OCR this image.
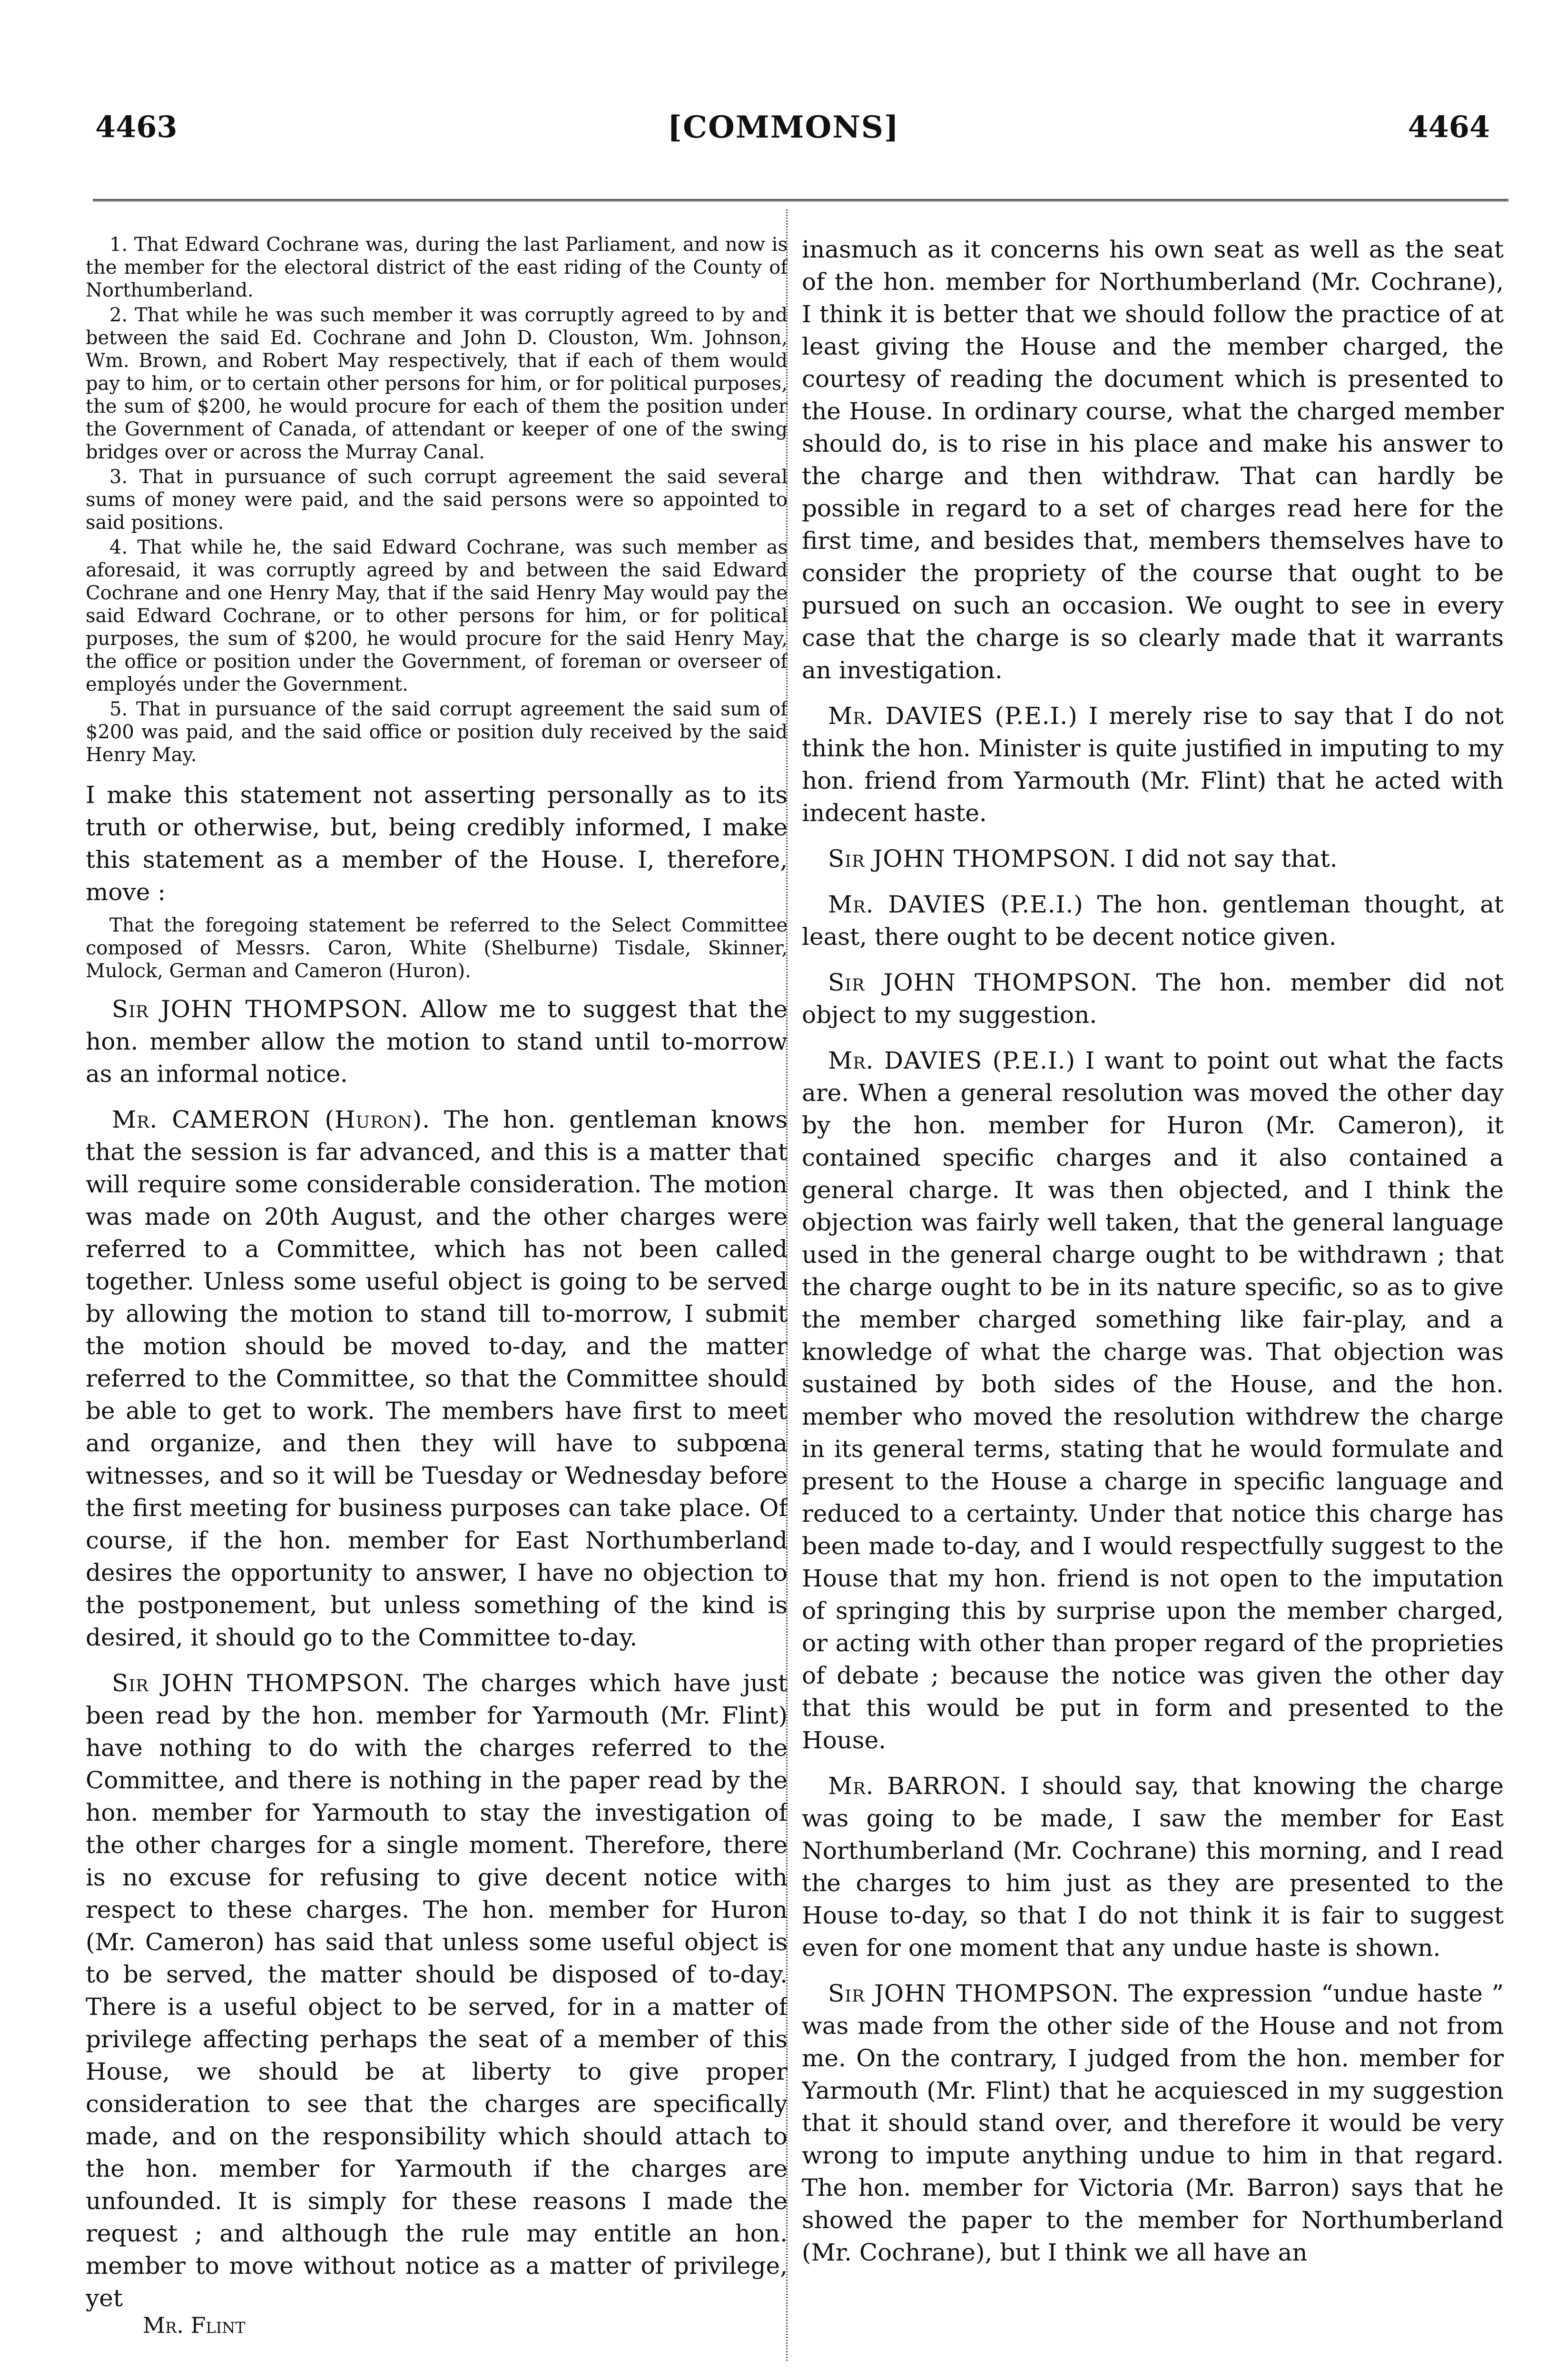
4463	[COMMONS]	4464

1. That Edward Cochrane was, during the last Parliament, and now is the member for the electoral district of the east riding of the County of Northumberland.

2. That while he was such member it was corruptly agreed to by and between the said Ed. Cochrane and John D. Clouston, Wm. Johnson, Wm. Brown, and Robert May respectively, that if each of them would pay to him, or to certain other persons for him, or for political purposes, the sum of $200, he would procure for each of them the position under the Government of Canada, of attendant or keeper of one of the swing bridges over or across the Murray Canal.

3. That in pursuance of such corrupt agreement the said several sums of money were paid, and the said persons were so appointed to said positions.

4. That while he, the said Edward Cochrane, was such member as aforesaid, it was corruptly agreed by and between the said Edward Cochrane and one Henry May, that if the said Henry May would pay the said Edward Cochrane, or to other persons for him, or for political purposes, the sum of $200, he would procure for the said Henry May, the office or position under the Government, of foreman or overseer of employés under the Government.

5. That in pursuance of the said corrupt agreement the said sum of $200 was paid, and the said office or position duly received by the said Henry May.

I make this statement not asserting personally as to its truth or otherwise, but, being credibly informed, I make this statement as a member of the House. I, therefore, move :

That the foregoing statement be referred to the Select Committee composed of Messrs. Caron, White (Shelburne) Tisdale, Skinner, Mulock, German and Cameron (Huron).

Sir JOHN THOMPSON. Allow me to suggest that the hon. member allow the motion to stand until to-morrow as an informal notice.

Mr. CAMERON (Huron). The hon. gentleman knows that the session is far advanced, and this is a matter that will require some considerable consideration. The motion was made on 20th August, and the other charges were referred to a Committee, which has not been called together. Unless some useful object is going to be served by allowing the motion to stand till to-morrow, I submit the motion should be moved to-day, and the matter referred to the Committee, so that the Committee should be able to get to work. The members have first to meet and organize, and then they will have to subpœna witnesses, and so it will be Tuesday or Wednesday before the first meeting for business purposes can take place. Of course, if the hon. member for East Northumberland desires the opportunity to answer, I have no objection to the postponement, but unless something of the kind is desired, it should go to the Committee to-day.

Sir JOHN THOMPSON. The charges which have just been read by the hon. member for Yarmouth (Mr. Flint) have nothing to do with the charges referred to the Committee, and there is nothing in the paper read by the hon. member for Yarmouth to stay the investigation of the other charges for a single moment. Therefore, there is no excuse for refusing to give decent notice with respect to these charges. The hon. member for Huron (Mr. Cameron) has said that unless some useful object is to be served, the matter should be disposed of to-day. There is a useful object to be served, for in a matter of privilege affecting perhaps the seat of a member of this House, we should be at liberty to give proper consideration to see that the charges are specifically made, and on the responsibility which should attach to the hon. member for Yarmouth if the charges are unfounded. It is simply for these reasons I made the request ; and although the rule may entitle an hon. member to move without notice as a matter of privilege, yet

Mr. Flint

inasmuch as it concerns his own seat as well as the seat of the hon. member for Northumberland (Mr. Cochrane), I think it is better that we should follow the practice of at least giving the House and the member charged, the courtesy of reading the document which is presented to the House. In ordinary course, what the charged member should do, is to rise in his place and make his answer to the charge and then withdraw. That can hardly be possible in regard to a set of charges read here for the first time, and besides that, members themselves have to consider the propriety of the course that ought to be pursued on such an occasion. We ought to see in every case that the charge is so clearly made that it warrants an investigation.

Mr. DAVIES (P.E.I.) I merely rise to say that I do not think the hon. Minister is quite justified in imputing to my hon. friend from Yarmouth (Mr. Flint) that he acted with indecent haste.

Sir JOHN THOMPSON. I did not say that.

Mr. DAVIES (P.E.I.) The hon. gentleman thought, at least, there ought to be decent notice given.

Sir JOHN THOMPSON. The hon. member did not object to my suggestion.

Mr. DAVIES (P.E.I.) I want to point out what the facts are. When a general resolution was moved the other day by the hon. member for Huron (Mr. Cameron), it contained specific charges and it also contained a general charge. It was then objected, and I think the objection was fairly well taken, that the general language used in the general charge ought to be withdrawn ; that the charge ought to be in its nature specific, so as to give the member charged something like fair-play, and a knowledge of what the charge was. That objection was sustained by both sides of the House, and the hon. member who moved the resolution withdrew the charge in its general terms, stating that he would formulate and present to the House a charge in specific language and reduced to a certainty. Under that notice this charge has been made to-day, and I would respectfully suggest to the House that my hon. friend is not open to the imputation of springing this by surprise upon the member charged, or acting with other than proper regard of the proprieties of debate ; because the notice was given the other day that this would be put in form and presented to the House.

Mr. BARRON. I should say, that knowing the charge was going to be made, I saw the member for East Northumberland (Mr. Cochrane) this morning, and I read the charges to him just as they are presented to the House to-day, so that I do not think it is fair to suggest even for one moment that any undue haste is shown.

Sir JOHN THOMPSON. The expression “undue haste ” was made from the other side of the House and not from me. On the contrary, I judged from the hon. member for Yarmouth (Mr. Flint) that he acquiesced in my suggestion that it should stand over, and therefore it would be very wrong to impute anything undue to him in that regard. The hon. member for Victoria (Mr. Barron) says that he showed the paper to the member for Northumberland (Mr. Cochrane), but I think we all have an
